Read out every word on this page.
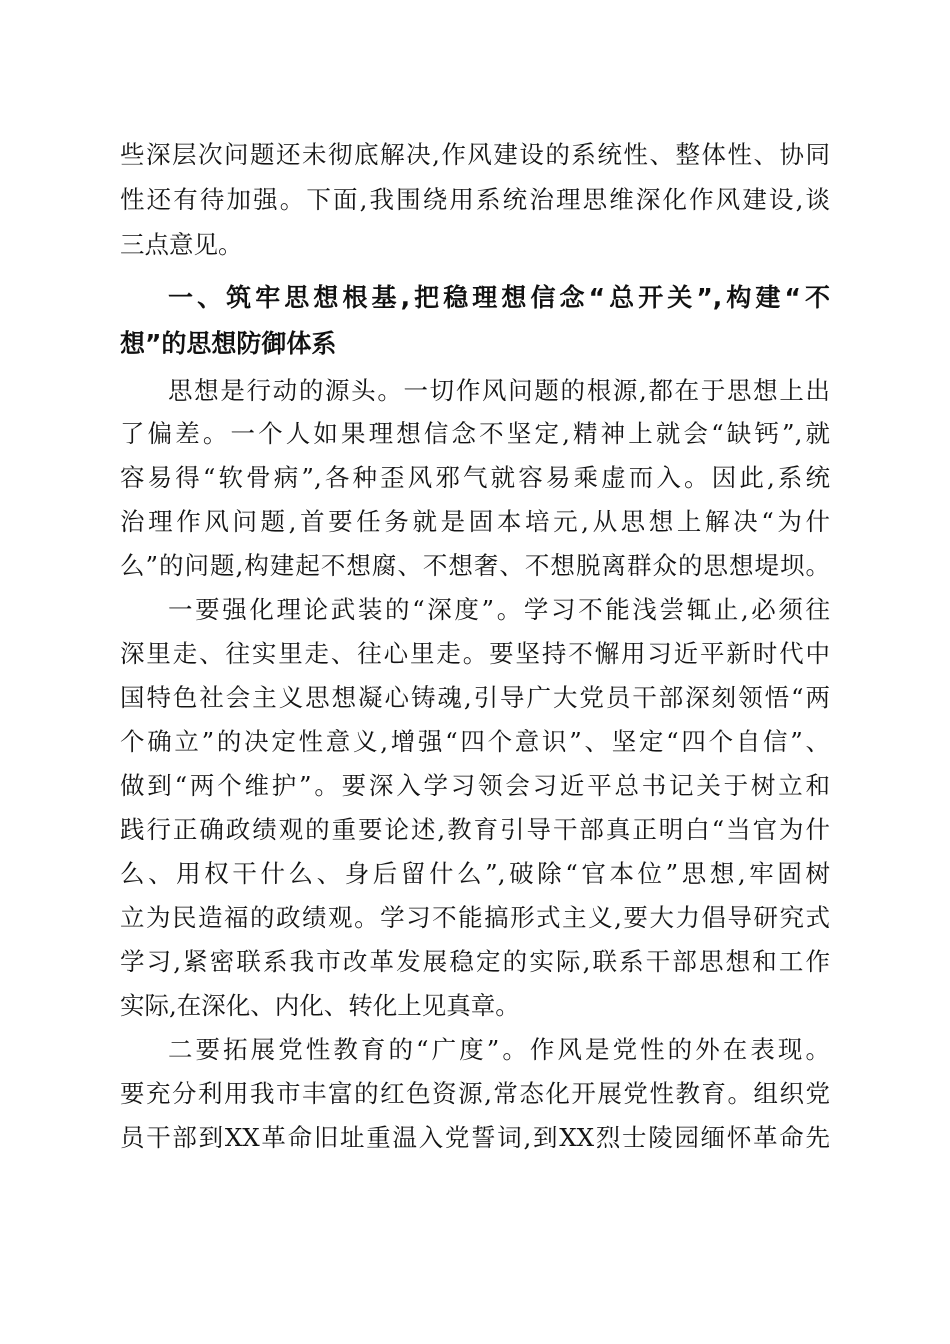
些深层次问题还未彻底解决,作风建设的系统性、整体性、协同
性还有待加强。下面,我围绕用系统治理思维深化作风建设,谈
三点意见。
一、筑牢思想根基,把稳理想信念“总开关”,构建“不
想”的思想防御体系
思想是行动的源头。一切作风问题的根源,都在于思想上出
了偏差。一个人如果理想信念不坚定,精神上就会“缺钙”,就
容易得“软骨病”,各种歪风邪气就容易乘虚而入。因此,系统
治理作风问题,首要任务就是固本培元,从思想上解决“为什
么”的问题,构建起不想腐、不想奢、不想脱离群众的思想堤坝。
一要强化理论武装的“深度”。学习不能浅尝辄止,必须往
深里走、往实里走、往心里走。要坚持不懈用习近平新时代中
国特色社会主义思想凝心铸魂,引导广大党员干部深刻领悟“两
个确立”的决定性意义,增强“四个意识”、坚定“四个自信”、
做到“两个维护”。要深入学习领会习近平总书记关于树立和
践行正确政绩观的重要论述,教育引导干部真正明白“当官为什
么、用权干什么、身后留什么”,破除“官本位”思想,牢固树
立为民造福的政绩观。学习不能搞形式主义,要大力倡导研究式
学习,紧密联系我市改革发展稳定的实际,联系干部思想和工作
实际,在深化、内化、转化上见真章。
二要拓展党性教育的“广度”。作风是党性的外在表现。
要充分利用我市丰富的红色资源,常态化开展党性教育。组织党
员干部到XX革命旧址重温入党誓词,到XX烈士陵园缅怀革命先
